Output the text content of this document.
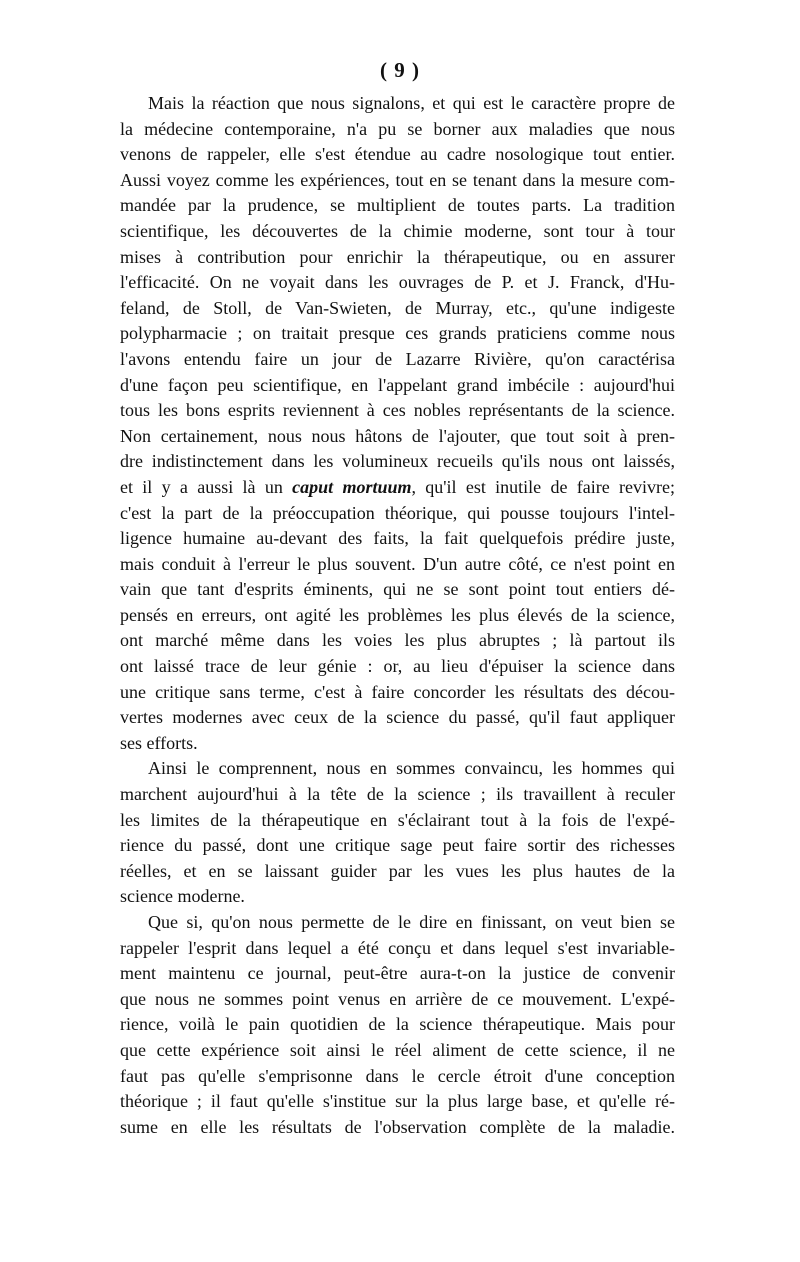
( 9 )
Mais la réaction que nous signalons, et qui est le caractère propre de
la médecine contemporaine, n'a pu se borner aux maladies que nous
venons de rappeler, elle s'est étendue au cadre nosologique tout entier.
Aussi voyez comme les expériences, tout en se tenant dans la mesure com-
mandée par la prudence, se multiplient de toutes parts. La tradition
scientifique, les découvertes de la chimie moderne, sont tour à tour
mises à contribution pour enrichir la thérapeutique, ou en assurer
l'efficacité. On ne voyait dans les ouvrages de P. et J. Franck, d'Hu-
feland, de Stoll, de Van-Swieten, de Murray, etc., qu'une indigeste
polypharmacie ; on traitait presque ces grands praticiens comme nous
l'avons entendu faire un jour de Lazarre Rivière, qu'on caractérisa
d'une façon peu scientifique, en l'appelant grand imbécile : aujourd'hui
tous les bons esprits reviennent à ces nobles représentants de la science.
Non certainement, nous nous hâtons de l'ajouter, que tout soit à pren-
dre indistinctement dans les volumineux recueils qu'ils nous ont laissés,
et il y a aussi là un caput mortuum, qu'il est inutile de faire revivre;
c'est la part de la préoccupation théorique, qui pousse toujours l'intel-
ligence humaine au-devant des faits, la fait quelquefois prédire juste,
mais conduit à l'erreur le plus souvent. D'un autre côté, ce n'est point en
vain que tant d'esprits éminents, qui ne se sont point tout entiers dé-
pensés en erreurs, ont agité les problèmes les plus élevés de la science,
ont marché même dans les voies les plus abruptes ; là partout ils
ont laissé trace de leur génie : or, au lieu d'épuiser la science dans
une critique sans terme, c'est à faire concorder les résultats des décou-
vertes modernes avec ceux de la science du passé, qu'il faut appliquer
ses efforts.
Ainsi le comprennent, nous en sommes convaincu, les hommes qui
marchent aujourd'hui à la tête de la science ; ils travaillent à reculer
les limites de la thérapeutique en s'éclairant tout à la fois de l'expé-
rience du passé, dont une critique sage peut faire sortir des richesses
réelles, et en se laissant guider par les vues les plus hautes de la
science moderne.
Que si, qu'on nous permette de le dire en finissant, on veut bien se
rappeler l'esprit dans lequel a été conçu et dans lequel s'est invariable-
ment maintenu ce journal, peut-être aura-t-on la justice de convenir
que nous ne sommes point venus en arrière de ce mouvement. L'expé-
rience, voilà le pain quotidien de la science thérapeutique. Mais pour
que cette expérience soit ainsi le réel aliment de cette science, il ne
faut pas qu'elle s'emprisonne dans le cercle étroit d'une conception
théorique ; il faut qu'elle s'institue sur la plus large base, et qu'elle ré-
sume en elle les résultats de l'observation complète de la maladie.
